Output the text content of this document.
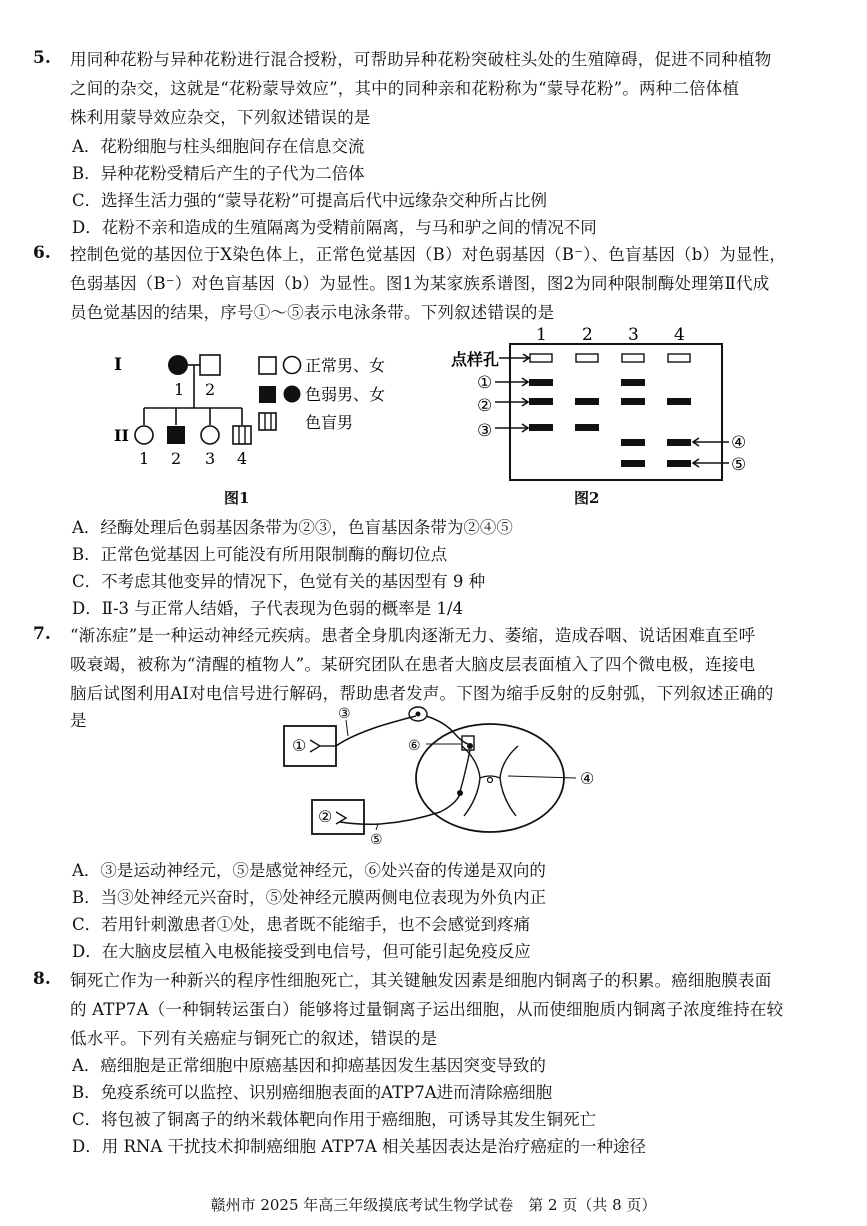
5. 用同种花粉与异种花粉进行混合授粉，可帮助异种花粉突破柱头处的生殖障碍，促进不同种植物
之间的杂交，这就是“花粉蒙导效应”，其中的同种亲和花粉称为“蒙导花粉”。两种二倍体植
株利用蒙导效应杂交，下列叙述错误的是
A．花粉细胞与柱头细胞间存在信息交流
B．异种花粉受精后产生的子代为二倍体
C．选择生活力强的“蒙导花粉”可提高后代中远缘杂交种所占比例
D．花粉不亲和造成的生殖隔离为受精前隔离，与马和驴之间的情况不同
6. 控制色觉的基因位于X染色体上，正常色觉基因（B）对色弱基因（B⁻）、色盲基因（b）为显性，
色弱基因（B⁻）对色盲基因（b）为显性。图1为某家族系谱图，图2为同种限制酶处理第Ⅱ代成
员色觉基因的结果，序号①～⑤表示电泳条带。下列叙述错误的是
I
1 2
II
1 2 3 4
正常男、女
色弱男、女
色盲男
图1
1 2 3 4
点样孔
①
②
③
④
⑤
图2
A．经酶处理后色弱基因条带为②③，色盲基因条带为②④⑤
B．正常色觉基因上可能没有所用限制酶的酶切位点
C．不考虑其他变异的情况下，色觉有关的基因型有 9 种
D．Ⅱ-3 与正常人结婚，子代表现为色弱的概率是 1/4
7. “渐冻症”是一种运动神经元疾病。患者全身肌肉逐渐无力、萎缩，造成吞咽、说话困难直至呼
吸衰竭，被称为“清醒的植物人”。某研究团队在患者大脑皮层表面植入了四个微电极，连接电
脑后试图利用AI对电信号进行解码，帮助患者发声。下图为缩手反射的反射弧，下列叙述正确的
是
①
③
⑥
④
②
⑤
A．③是运动神经元，⑤是感觉神经元，⑥处兴奋的传递是双向的
B．当③处神经元兴奋时，⑤处神经元膜两侧电位表现为外负内正
C．若用针刺激患者①处，患者既不能缩手，也不会感觉到疼痛
D．在大脑皮层植入电极能接受到电信号，但可能引起免疫反应
8. 铜死亡作为一种新兴的程序性细胞死亡，其关键触发因素是细胞内铜离子的积累。癌细胞膜表面
的 ATP7A（一种铜转运蛋白）能够将过量铜离子运出细胞，从而使细胞质内铜离子浓度维持在较
低水平。下列有关癌症与铜死亡的叙述，错误的是
A．癌细胞是正常细胞中原癌基因和抑癌基因发生基因突变导致的
B．免疫系统可以监控、识别癌细胞表面的ATP7A进而清除癌细胞
C．将包被了铜离子的纳米载体靶向作用于癌细胞，可诱导其发生铜死亡
D．用 RNA 干扰技术抑制癌细胞 ATP7A 相关基因表达是治疗癌症的一种途径
赣州市 2025 年高三年级摸底考试生物学试卷　第 2 页（共 8 页）
